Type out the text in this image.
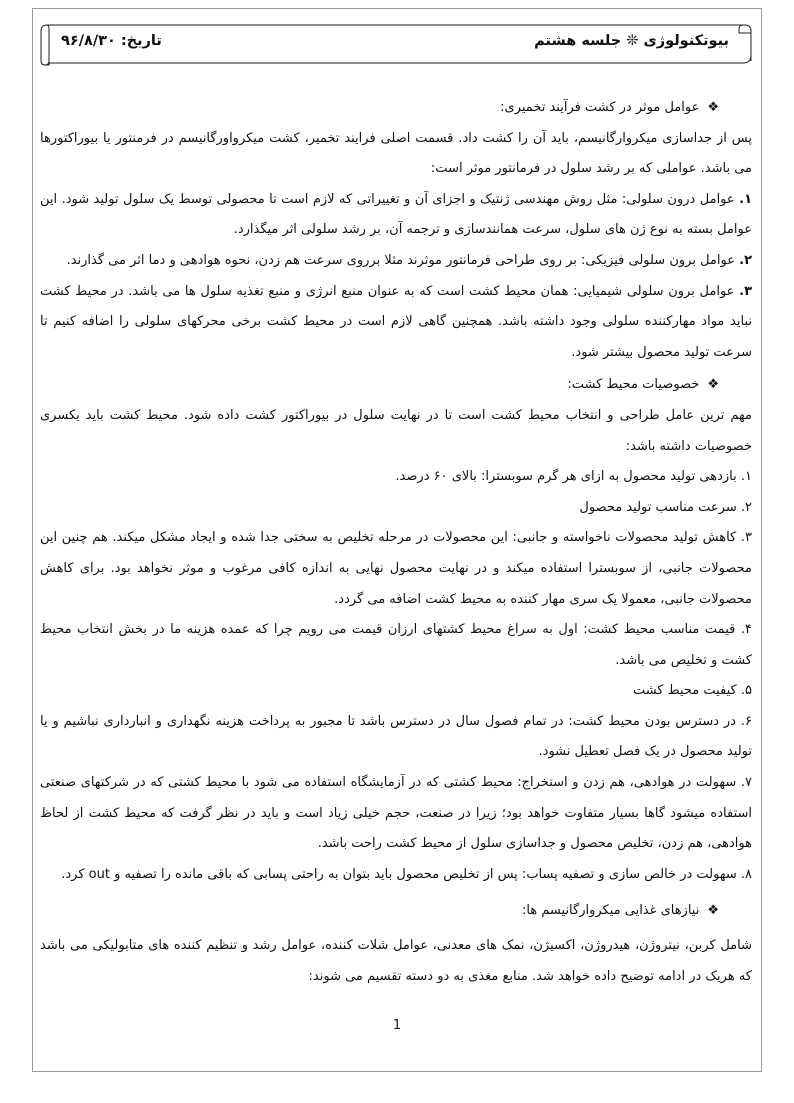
بیوتکنولوژی ❊ جلسه هشتم
تاریخ: ۹۶/۸/۳۰

❖
عوامل موثر در کشت فرآیند تخمیری:

پس از جداسازی میکروارگانیسم، باید آن را کشت داد. قسمت اصلی فرایند تخمیر، کشت میکرواورگانیسم در فرمنتور یا بیوراکتورها می باشد. عواملی که بر رشد سلول در فرمانتور موثر است:

۱. عوامل درون سلولی: مثل روش مهندسی ژنتیک و اجزای آن و تغییراتی که لازم است تا محصولی توسط یک سلول تولید شود. این عوامل بسته به نوع ژن های سلول، سرعت همانندسازی و ترجمه آن، بر رشد سلولی اثر میگذارد.

۲. عوامل برون سلولی فیزیکی: بر روی طراحی فرمانتور موثرند مثلا برروی سرعت هم زدن، نحوه هوادهی و دما اثر می گذارند.

۳. عوامل برون سلولی شیمیایی: همان محیط کشت است که به عنوان منبع انرژی و منبع تغذیه سلول ها می باشد. در محیط کشت نباید مواد مهارکننده سلولی وجود داشته باشد. همچنین گاهی لازم است در محیط کشت برخی محرکهای سلولی را اضافه کنیم تا سرعت تولید محصول بیشتر شود.

❖
خصوصیات محیط کشت:

مهم ترین عامل طراحی و انتخاب محیط کشت است تا در نهایت سلول در بیوراکتور کشت داده شود. محیط کشت باید یکسری خصوصیات داشته باشد:

۱. بازدهی تولید محصول به ازای هر گرم سوبسترا: بالای ۶۰ درصد.

۲. سرعت مناسب تولید محصول

۳. کاهش تولید محصولات ناخواسته و جانبی: این محصولات در مرحله تخلیص به سختی جدا شده و ایجاد مشکل میکند. هم چنین این محصولات جانبی، از سوبسترا استفاده میکند و در نهایت محصول نهایی به اندازه کافی مرغوب و موثر نخواهد بود. برای کاهش محصولات جانبی، معمولا یک سری مهار کننده به محیط کشت اضافه می گردد.

۴. قیمت مناسب محیط کشت: اول به سراغ محیط کشتهای ارزان قیمت می رویم چرا که عمده هزینه ما در بخش انتخاب محیط کشت و تخلیص می باشد.

۵. کیفیت محیط کشت

۶. در دسترس بودن محیط کشت: در تمام فصول سال در دسترس باشد تا مجبور به پرداخت هزینه نگهداری و انبارداری نباشیم و یا تولید محصول در یک فصل تعطیل نشود.

۷. سهولت در هوادهی، هم زدن و استخراج: محیط کشتی که در آزمایشگاه استفاده می شود با محیط کشتی که در شرکتهای صنعتی استفاده میشود گاها بسیار متفاوت خواهد بود؛ زیرا در صنعت، حجم خیلی زیاد است و باید در نظر گرفت که محیط کشت از لحاظ هوادهی، هم زدن، تخلیص محصول و جداسازی سلول از محیط کشت راحت باشد.

۸. سهولت در خالص سازی و تصفیه پساب: پس از تخلیص محصول باید بتوان به راحتی پسابی که باقی مانده را تصفیه و out کرد.

❖
نیازهای غذایی میکروارگانیسم ها:

شامل کربن، نیتروژن، هیدروژن، اکسیژن، نمک های معدنی، عوامل شلات کننده، عوامل رشد و تنظیم کننده های متابولیکی می باشد که هریک در ادامه توضیح داده خواهد شد. منابع مغذی به دو دسته تقسیم می شوند:

1
